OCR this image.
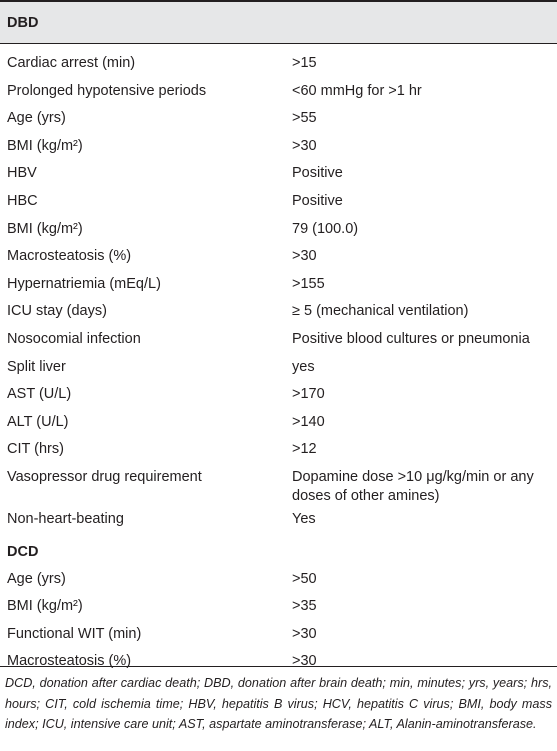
DBD
Cardiac arrest (min)	>15
Prolonged hypotensive periods	<60 mmHg for >1 hr
Age (yrs)	>55
BMI (kg/m²)	>30
HBV	Positive
HBC	Positive
BMI (kg/m²)	79 (100.0)
Macrosteatosis (%)	>30
Hypernatriemia (mEq/L)	>155
ICU stay (days)	≥ 5 (mechanical ventilation)
Nosocomial infection	Positive blood cultures or pneumonia
Split liver	yes
AST (U/L)	>170
ALT (U/L)	>140
CIT (hrs)	>12
Vasopressor drug requirement	Dopamine dose >10 μg/kg/min or any doses of other amines)
Non-heart-beating	Yes
DCD
Age (yrs)	>50
BMI (kg/m²)	>35
Functional WIT (min)	>30
Macrosteatosis (%)	>30
DCD, donation after cardiac death; DBD, donation after brain death; min, minutes; yrs, years; hrs, hours; CIT, cold ischemia time; HBV, hepatitis B virus; HCV, hepatitis C virus; BMI, body mass index; ICU, intensive care unit; AST, aspartate aminotransferase; ALT, Alanin-aminotransferase.
